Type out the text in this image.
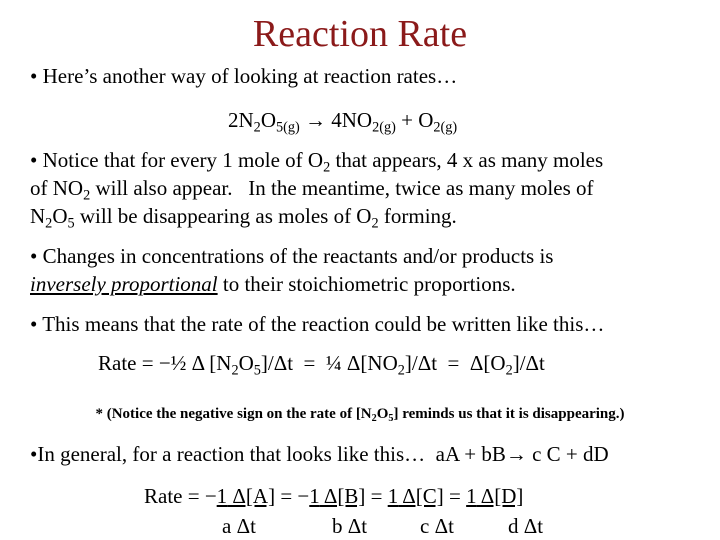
Reaction Rate
• Here’s another way of looking at reaction rates…
$2N_2O_{5(g)} \to 4NO_{2(g)} + O_{2(g)}$
• Notice that for every 1 mole of $O_2$ that appears, 4 x as many moles
of $NO_2$ will also appear.   In the meantime, twice as many moles of
$N_2O_5$ will be disappearing as moles of $O_2$ forming.
• Changes in concentrations of the reactants and/or products is
inversely proportional to their stoichiometric proportions.
• This means that the rate of the reaction could be written like this…
Rate = −½ Δ $[N_2O_5]/\Delta t$  =  ¼ $\Delta[NO_2]/\Delta t = \Delta[O_2]/\Delta t$
* (Notice the negative sign on the rate of $[N_2O_5]$ reminds us that it is disappearing.)
•In general, for a reaction that looks like this…  aA + bB→ c C + dD
Rate = −1 Δ[A] = −1 Δ[B] = 1 Δ[C] = 1 Δ[D]
a Δt	b Δt	c Δt	d Δt
